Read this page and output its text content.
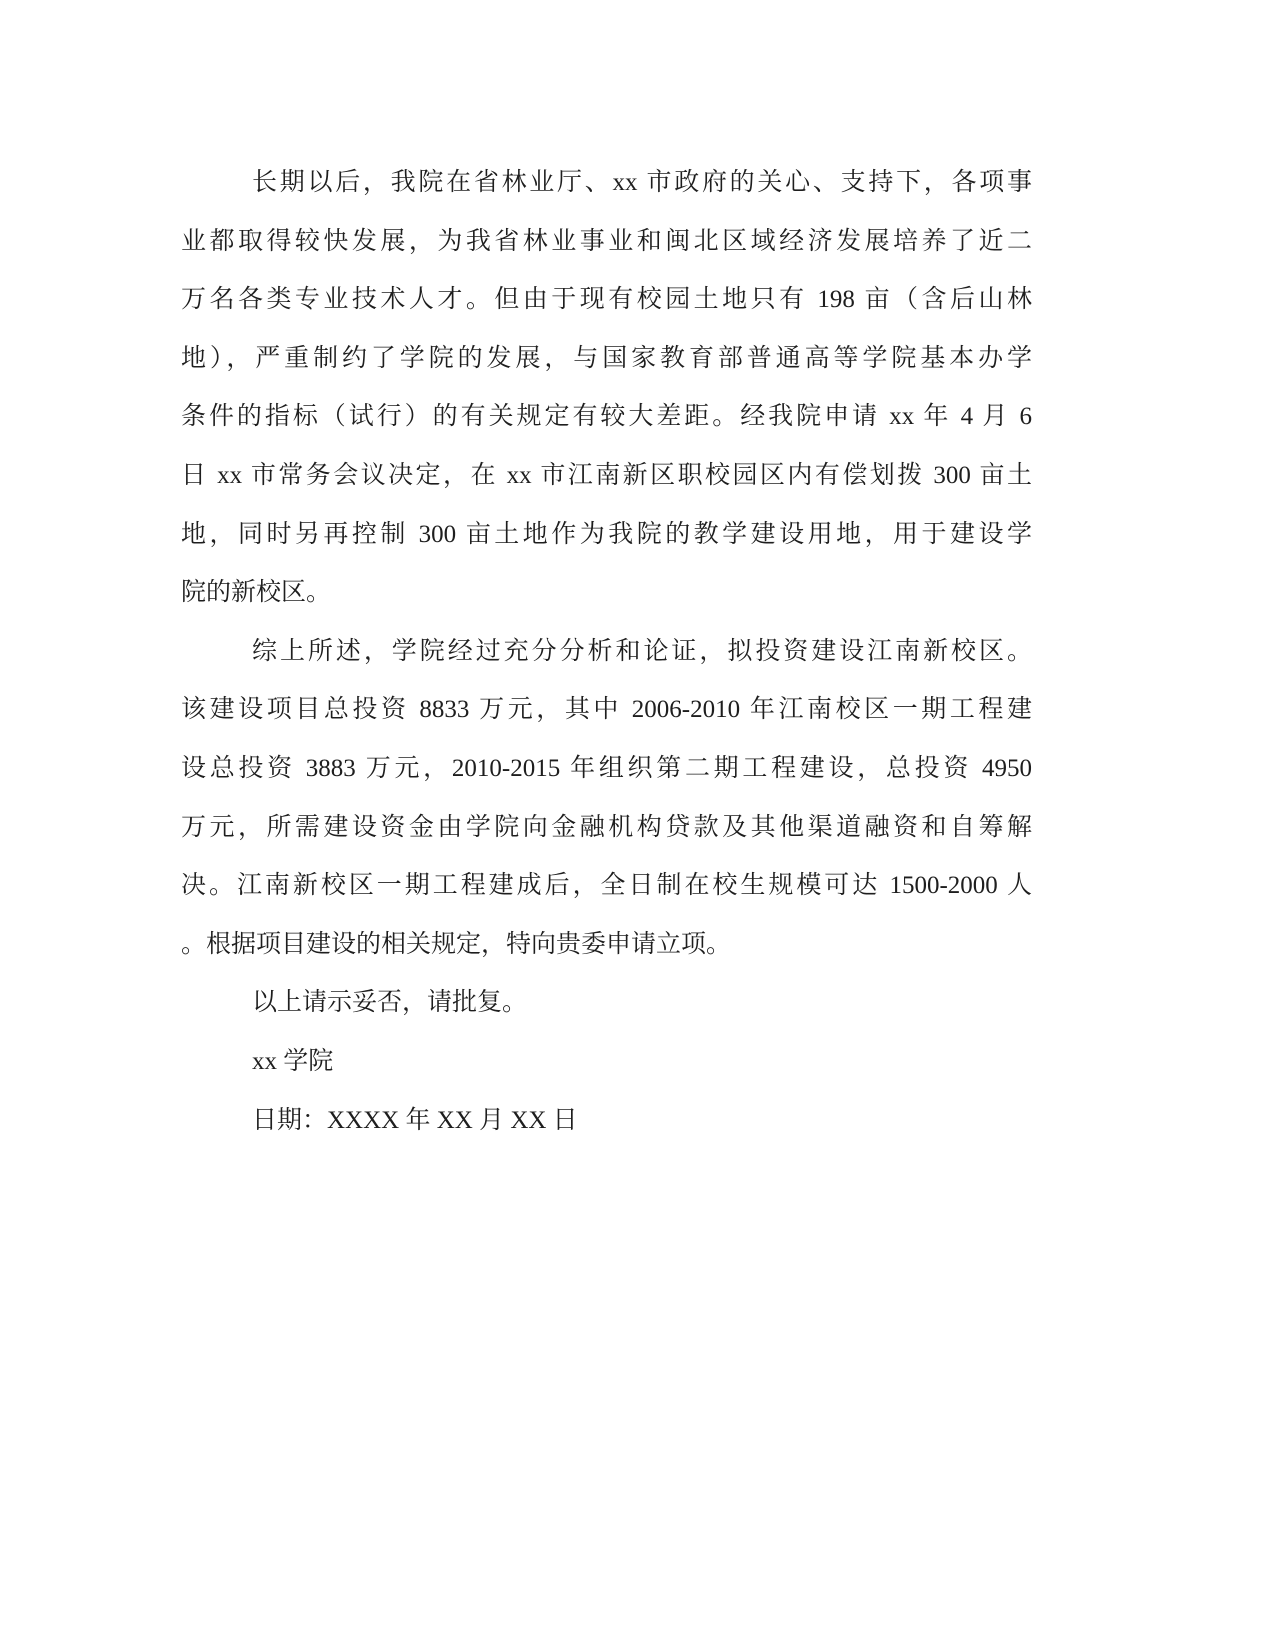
长期以后，我院在省林业厅、xx 市政府的关心、支持下，各项事
业都取得较快发展，为我省林业事业和闽北区域经济发展培养了近二
万名各类专业技术人才。但由于现有校园土地只有 198 亩（含后山林
地），严重制约了学院的发展，与国家教育部普通高等学院基本办学
条件的指标（试行）的有关规定有较大差距。经我院申请 xx 年 4 月 6
日 xx 市常务会议决定，在 xx 市江南新区职校园区内有偿划拨 300 亩土
地，同时另再控制 300 亩土地作为我院的教学建设用地，用于建设学
院的新校区。
综上所述，学院经过充分分析和论证，拟投资建设江南新校区。
该建设项目总投资 8833 万元，其中 2006-2010 年江南校区一期工程建
设总投资 3883 万元，2010-2015 年组织第二期工程建设，总投资 4950
万元，所需建设资金由学院向金融机构贷款及其他渠道融资和自筹解
决。江南新校区一期工程建成后，全日制在校生规模可达 1500-2000 人
。根据项目建设的相关规定，特向贵委申请立项。
以上请示妥否，请批复。
xx 学院
日期：XXXX 年 XX 月 XX 日
